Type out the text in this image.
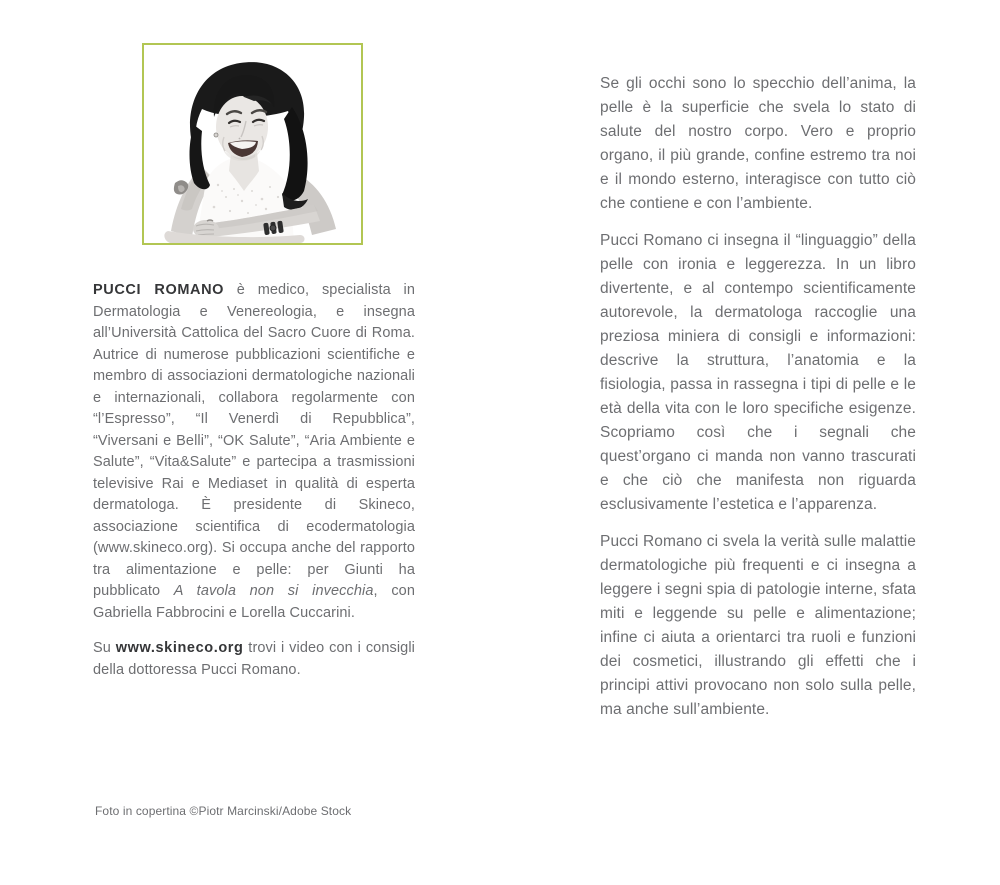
PUCCI ROMANO è medico, specialista in Dermatologia e Venereologia, e insegna all’Università Cattolica del Sacro Cuore di Roma. Autrice di numerose pubblicazioni scientifiche e membro di associazioni dermatologiche nazionali e internazionali, collabora regolarmente con “l’Espresso”, “Il Venerdì di Repubblica”, “Viversani e Belli”, “OK Salute”, “Aria Ambiente e Salute”, “Vita&Salute” e partecipa a trasmissioni televisive Rai e Mediaset in qualità di esperta dermatologa. È presidente di Skineco, associazione scientifica di ecodermatologia (www.skineco.org). Si occupa anche del rapporto tra alimentazione e pelle: per Giunti ha pubblicato A tavola non si invecchia, con Gabriella Fabbrocini e Lorella Cuccarini.

Su www.skineco.org trovi i video con i consigli della dottoressa Pucci Romano.

Se gli occhi sono lo specchio dell’anima, la pelle è la superficie che svela lo stato di salute del nostro corpo. Vero e proprio organo, il più grande, confine estremo tra noi e il mondo esterno, interagisce con tutto ciò che contiene e con l’ambiente.

Pucci Romano ci insegna il “linguaggio” della pelle con ironia e leggerezza. In un libro divertente, e al contempo scientificamente autorevole, la dermatologa raccoglie una preziosa miniera di consigli e informazioni: descrive la struttura, l’anatomia e la fisiologia, passa in rassegna i tipi di pelle e le età della vita con le loro specifiche esigenze. Scopriamo così che i segnali che quest’organo ci manda non vanno trascurati e che ciò che manifesta non riguarda esclusivamente l’estetica e l’apparenza.

Pucci Romano ci svela la verità sulle malattie dermatologiche più frequenti e ci insegna a leggere i segni spia di patologie interne, sfata miti e leggende su pelle e alimentazione; infine ci aiuta a orientarci tra ruoli e funzioni dei cosmetici, illustrando gli effetti che i principi attivi provocano non solo sulla pelle, ma anche sull’ambiente.

Foto in copertina ©Piotr Marcinski/Adobe Stock
